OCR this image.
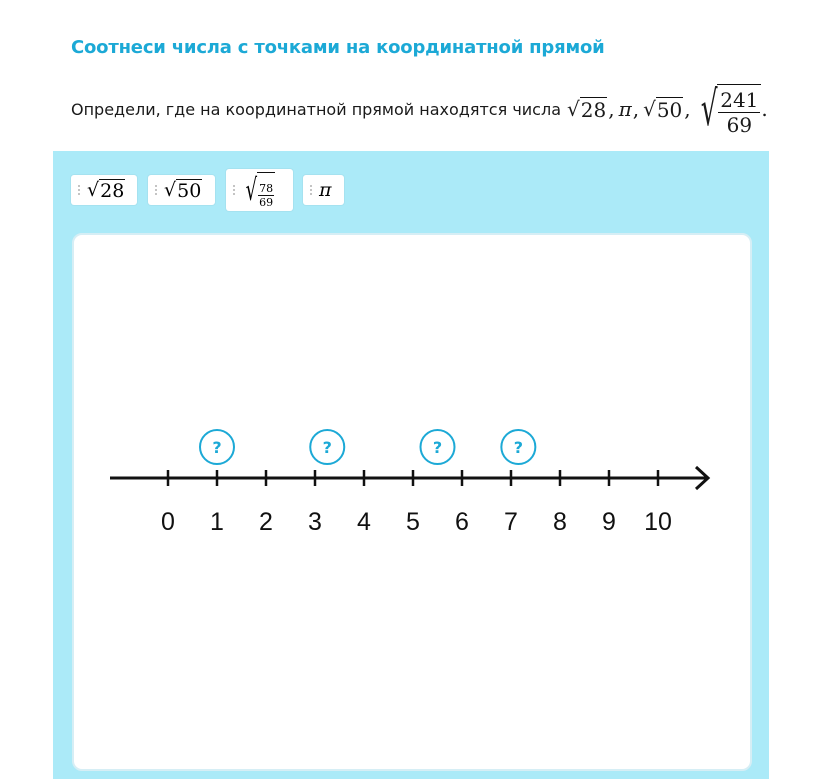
Соотнеси числа с точками на координатной прямой
Определи, где на координатной прямой находятся числа √ 28 , π , √ 50 , √ $\frac{241}{69}$ .
√ 28 √ 50 √ $\frac{78}{69}$ π
0 1 2 3 4 5 6 7 8 9 10
?	?	?	?
